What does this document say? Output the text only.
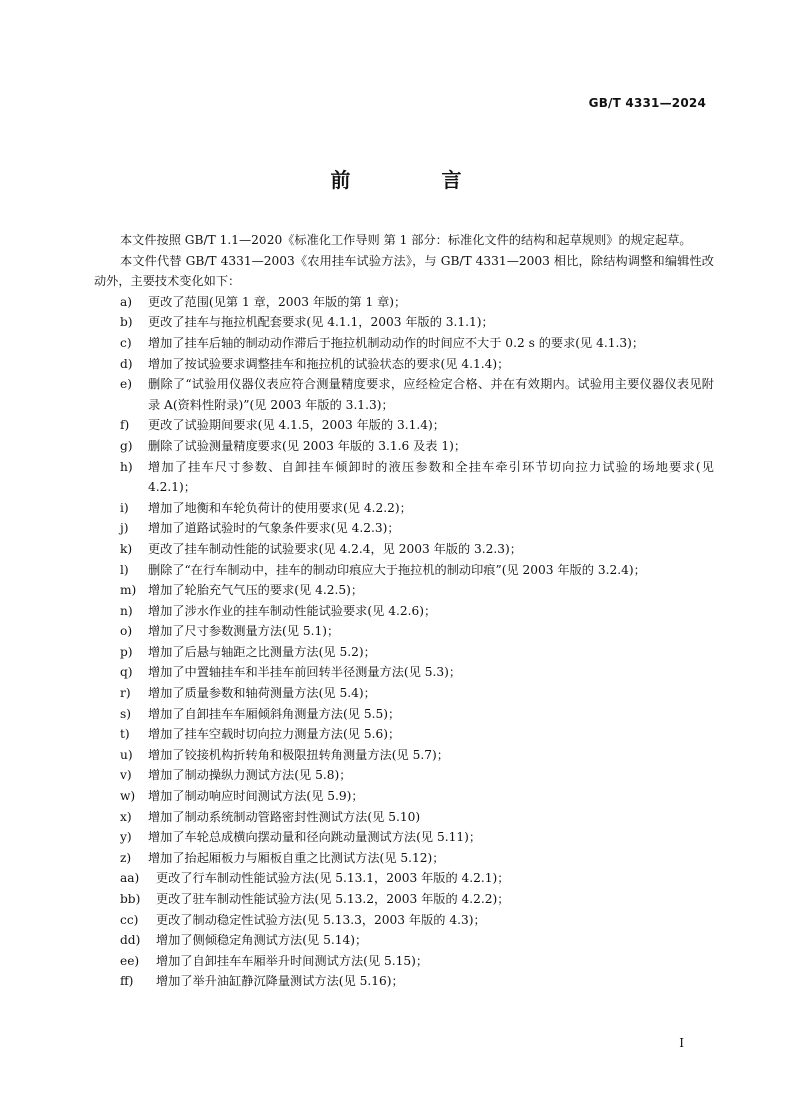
GB/T 4331—2024
前 言

本文件按照 GB/T 1.1—2020《标准化工作导则 第 1 部分：标准化文件的结构和起草规则》的规定起草。

本文件代替 GB/T 4331—2003《农用挂车试验方法》，与 GB/T 4331—2003 相比，除结构调整和编辑性改动外，主要技术变化如下：

a)	更改了范围(见第 1 章，2003 年版的第 1 章)；
b)	更改了挂车与拖拉机配套要求(见 4.1.1，2003 年版的 3.1.1)；
c)	增加了挂车后轴的制动动作滞后于拖拉机制动动作的时间应不大于 0.2 s 的要求(见 4.1.3)；
d)	增加了按试验要求调整挂车和拖拉机的试验状态的要求(见 4.1.4)；
e)	删除了“试验用仪器仪表应符合测量精度要求，应经检定合格、并在有效期内。试验用主要仪器仪表见附录 A(资料性附录)”(见 2003 年版的 3.1.3)；
f)	更改了试验期间要求(见 4.1.5，2003 年版的 3.1.4)；
g)	删除了试验测量精度要求(见 2003 年版的 3.1.6 及表 1)；
h)	增加了挂车尺寸参数、自卸挂车倾卸时的液压参数和全挂车牵引环节切向拉力试验的场地要求(见 4.2.1)；
i)	增加了地衡和车轮负荷计的使用要求(见 4.2.2)；
j)	增加了道路试验时的气象条件要求(见 4.2.3)；
k)	更改了挂车制动性能的试验要求(见 4.2.4，见 2003 年版的 3.2.3)；
l)	删除了“在行车制动中，挂车的制动印痕应大于拖拉机的制动印痕”(见 2003 年版的 3.2.4)；
m) 增加了轮胎充气气压的要求(见 4.2.5)；
n)	增加了涉水作业的挂车制动性能试验要求(见 4.2.6)；
o)	增加了尺寸参数测量方法(见 5.1)；
p)	增加了后悬与轴距之比测量方法(见 5.2)；
q)	增加了中置轴挂车和半挂车前回转半径测量方法(见 5.3)；
r)	增加了质量参数和轴荷测量方法(见 5.4)；
s)	增加了自卸挂车车厢倾斜角测量方法(见 5.5)；
t)	增加了挂车空载时切向拉力测量方法(见 5.6)；
u)	增加了铰接机构折转角和极限扭转角测量方法(见 5.7)；
v)	增加了制动操纵力测试方法(见 5.8)；
w)	增加了制动响应时间测试方法(见 5.9)；
x)	增加了制动系统制动管路密封性测试方法(见 5.10)
y)	增加了车轮总成横向摆动量和径向跳动量测试方法(见 5.11)；
z)	增加了抬起厢板力与厢板自重之比测试方法(见 5.12)；
aa)	更改了行车制动性能试验方法(见 5.13.1，2003 年版的 4.2.1)；
bb)	更改了驻车制动性能试验方法(见 5.13.2，2003 年版的 4.2.2)；
cc)	更改了制动稳定性试验方法(见 5.13.3，2003 年版的 4.3)；
dd)	增加了侧倾稳定角测试方法(见 5.14)；
ee)	增加了自卸挂车车厢举升时间测试方法(见 5.15)；
ff)	增加了举升油缸静沉降量测试方法(见 5.16)；
I
